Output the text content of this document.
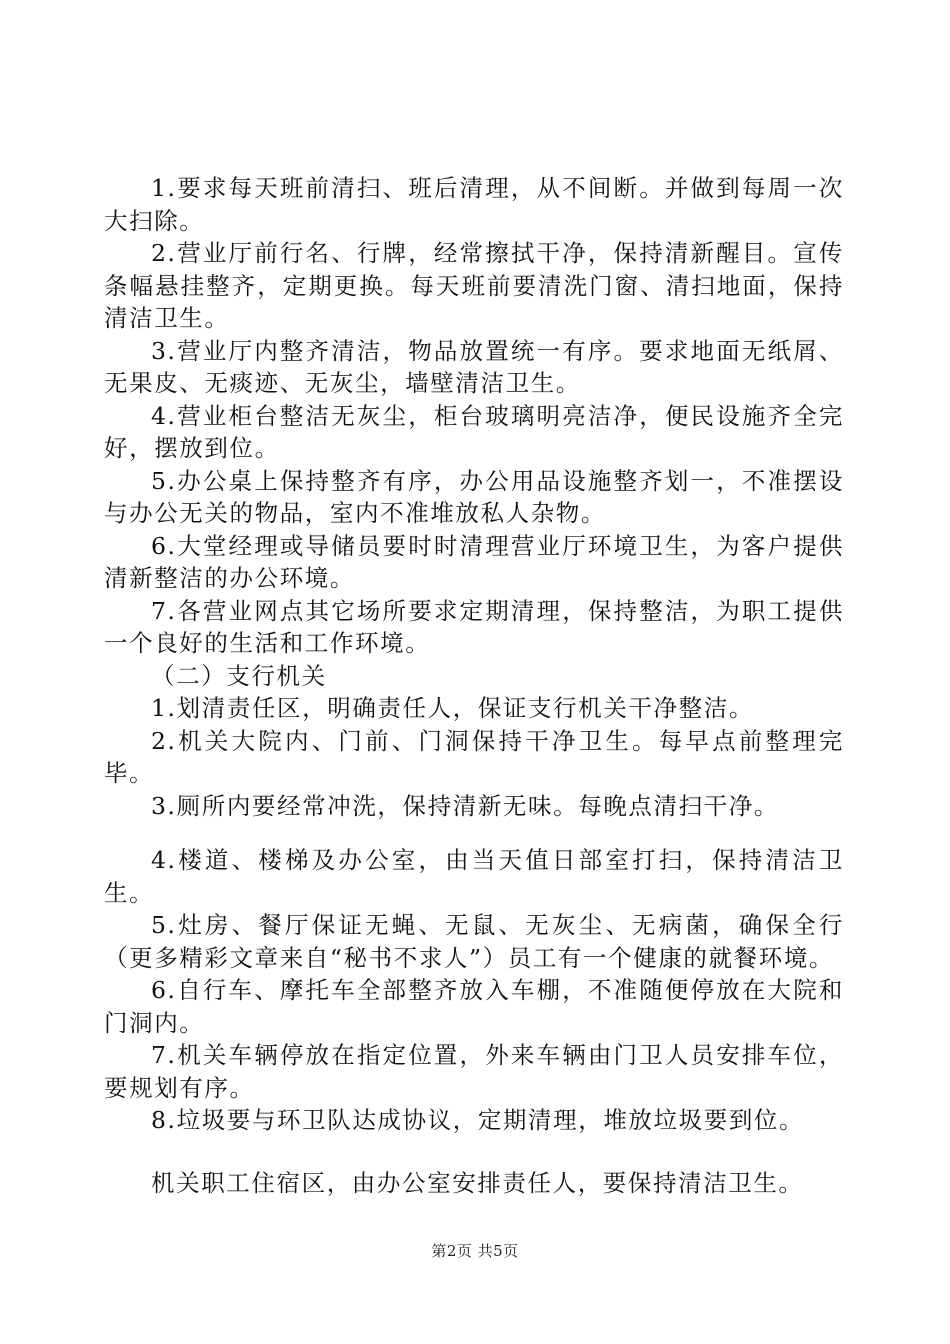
1.要求每天班前清扫、班后清理，从不间断。并做到每周一次大扫除。

2.营业厅前行名、行牌，经常擦拭干净，保持清新醒目。宣传条幅悬挂整齐，定期更换。每天班前要清洗门窗、清扫地面，保持清洁卫生。

3.营业厅内整齐清洁，物品放置统一有序。要求地面无纸屑、无果皮、无痰迹、无灰尘，墙壁清洁卫生。

4.营业柜台整洁无灰尘，柜台玻璃明亮洁净，便民设施齐全完好，摆放到位。

5.办公桌上保持整齐有序，办公用品设施整齐划一，不准摆设与办公无关的物品，室内不准堆放私人杂物。

6.大堂经理或导储员要时时清理营业厅环境卫生，为客户提供清新整洁的办公环境。

7.各营业网点其它场所要求定期清理，保持整洁，为职工提供一个良好的生活和工作环境。

（二）支行机关

1.划清责任区，明确责任人，保证支行机关干净整洁。

2.机关大院内、门前、门洞保持干净卫生。每早点前整理完毕。

3.厕所内要经常冲洗，保持清新无味。每晚点清扫干净。

4.楼道、楼梯及办公室，由当天值日部室打扫，保持清洁卫生。

5.灶房、餐厅保证无蝇、无鼠、无灰尘、无病菌，确保全行（更多精彩文章来自“秘书不求人”）员工有一个健康的就餐环境。

6.自行车、摩托车全部整齐放入车棚，不准随便停放在大院和门洞内。

7.机关车辆停放在指定位置，外来车辆由门卫人员安排车位，要规划有序。

8.垃圾要与环卫队达成协议，定期清理，堆放垃圾要到位。

机关职工住宿区，由办公室安排责任人，要保持清洁卫生。

第2页 共5页
